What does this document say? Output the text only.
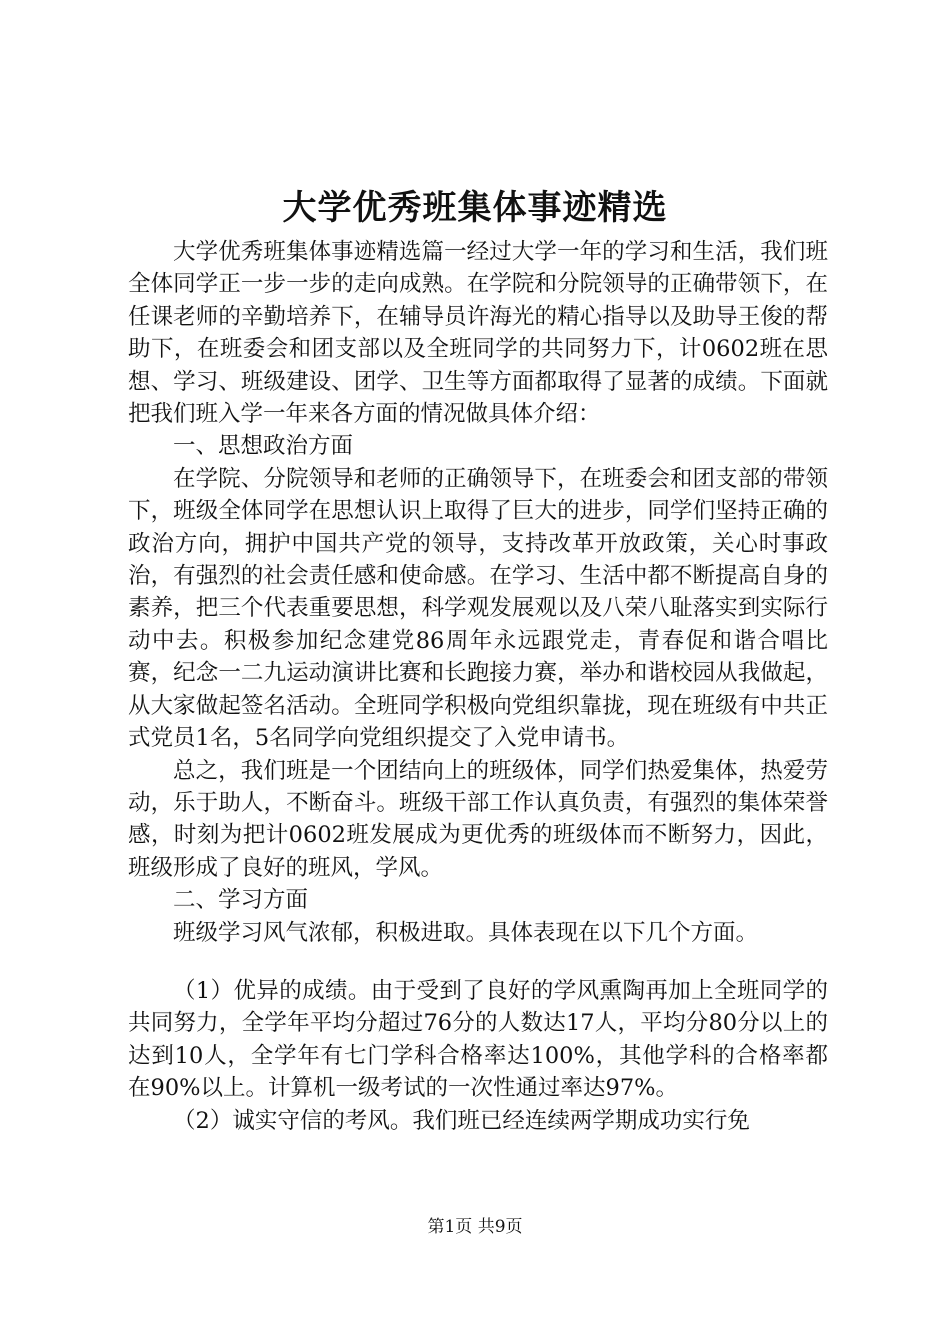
大学优秀班集体事迹精选

大学优秀班集体事迹精选篇一经过大学一年的学习和生活，我们班全体同学正一步一步的走向成熟。在学院和分院领导的正确带领下，在任课老师的辛勤培养下，在辅导员许海光的精心指导以及助导王俊的帮助下，在班委会和团支部以及全班同学的共同努力下，计0602班在思想、学习、班级建设、团学、卫生等方面都取得了显著的成绩。下面就把我们班入学一年来各方面的情况做具体介绍：

一、思想政治方面

在学院、分院领导和老师的正确领导下，在班委会和团支部的带领下，班级全体同学在思想认识上取得了巨大的进步，同学们坚持正确的政治方向，拥护中国共产党的领导，支持改革开放政策，关心时事政治，有强烈的社会责任感和使命感。在学习、生活中都不断提高自身的素养，把三个代表重要思想，科学观发展观以及八荣八耻落实到实际行动中去。积极参加纪念建党86周年永远跟党走，青春促和谐合唱比赛，纪念一二九运动演讲比赛和长跑接力赛，举办和谐校园从我做起，从大家做起签名活动。全班同学积极向党组织靠拢，现在班级有中共正式党员1名，5名同学向党组织提交了入党申请书。

总之，我们班是一个团结向上的班级体，同学们热爱集体，热爱劳动，乐于助人，不断奋斗。班级干部工作认真负责，有强烈的集体荣誉感，时刻为把计0602班发展成为更优秀的班级体而不断努力，因此，班级形成了良好的班风，学风。

二、学习方面

班级学习风气浓郁，积极进取。具体表现在以下几个方面。

（1）优异的成绩。由于受到了良好的学风熏陶再加上全班同学的共同努力，全学年平均分超过76分的人数达17人，平均分80分以上的达到10人，全学年有七门学科合格率达100%，其他学科的合格率都在90%以上。计算机一级考试的一次性通过率达97%。

（2）诚实守信的考风。我们班已经连续两学期成功实行免

第1页 共9页
